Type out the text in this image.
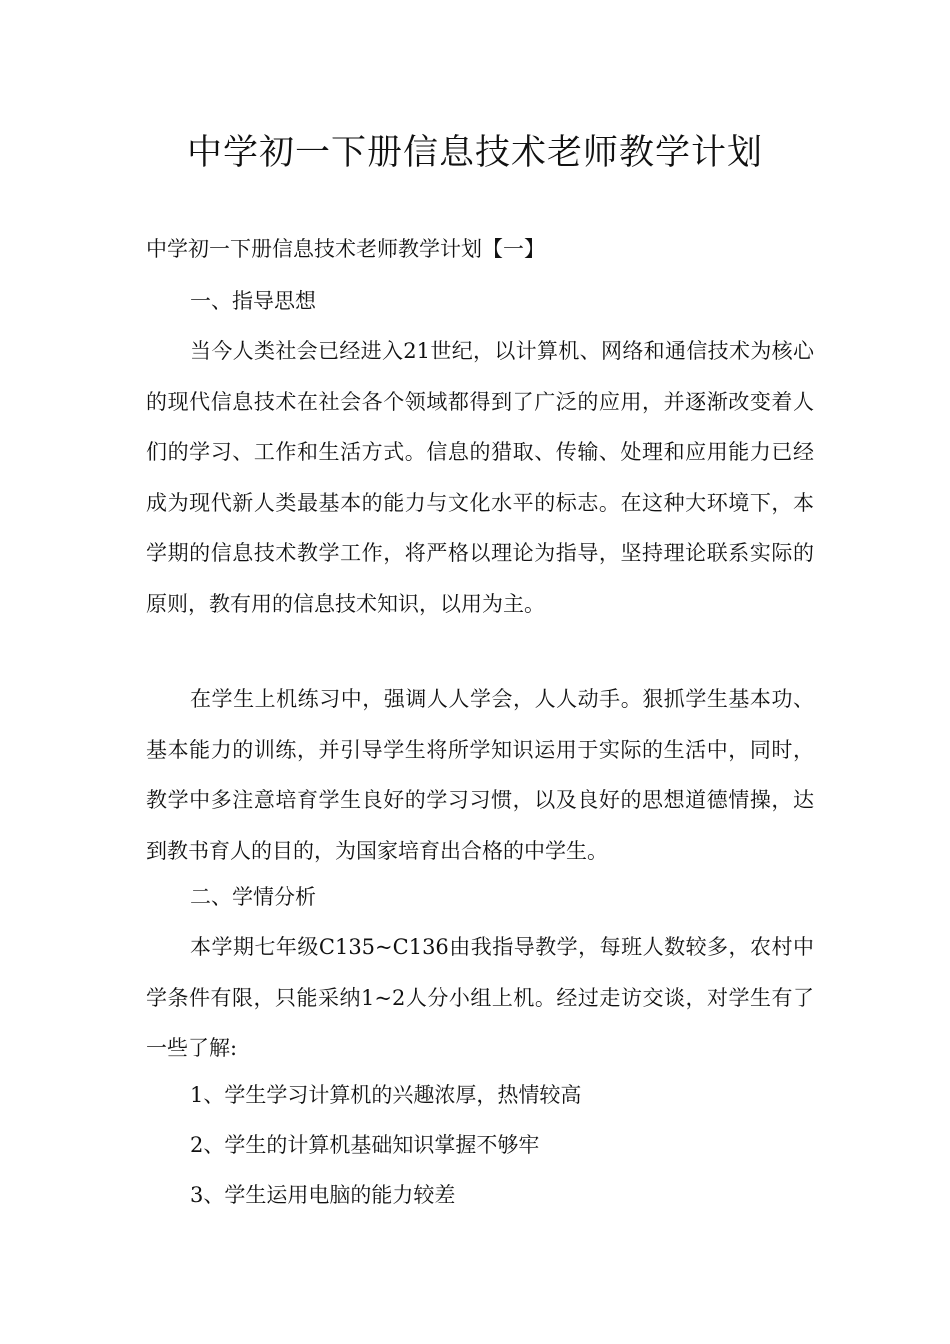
中学初一下册信息技术老师教学计划

中学初一下册信息技术老师教学计划【一】

一、指导思想

当今人类社会已经进入21世纪，以计算机、网络和通信技术为核心的现代信息技术在社会各个领域都得到了广泛的应用，并逐渐改变着人们的学习、工作和生活方式。信息的猎取、传输、处理和应用能力已经成为现代新人类最基本的能力与文化水平的标志。在这种大环境下，本学期的信息技术教学工作，将严格以理论为指导，坚持理论联系实际的原则，教有用的信息技术知识，以用为主。

在学生上机练习中，强调人人学会，人人动手。狠抓学生基本功、基本能力的训练，并引导学生将所学知识运用于实际的生活中，同时，教学中多注意培育学生良好的学习习惯，以及良好的思想道德情操，达到教书育人的目的，为国家培育出合格的中学生。

二、学情分析

本学期七年级C135~C136由我指导教学，每班人数较多，农村中学条件有限，只能采纳1~2人分小组上机。经过走访交谈，对学生有了一些了解:

1、学生学习计算机的兴趣浓厚，热情较高

2、学生的计算机基础知识掌握不够牢

3、学生运用电脑的能力较差
